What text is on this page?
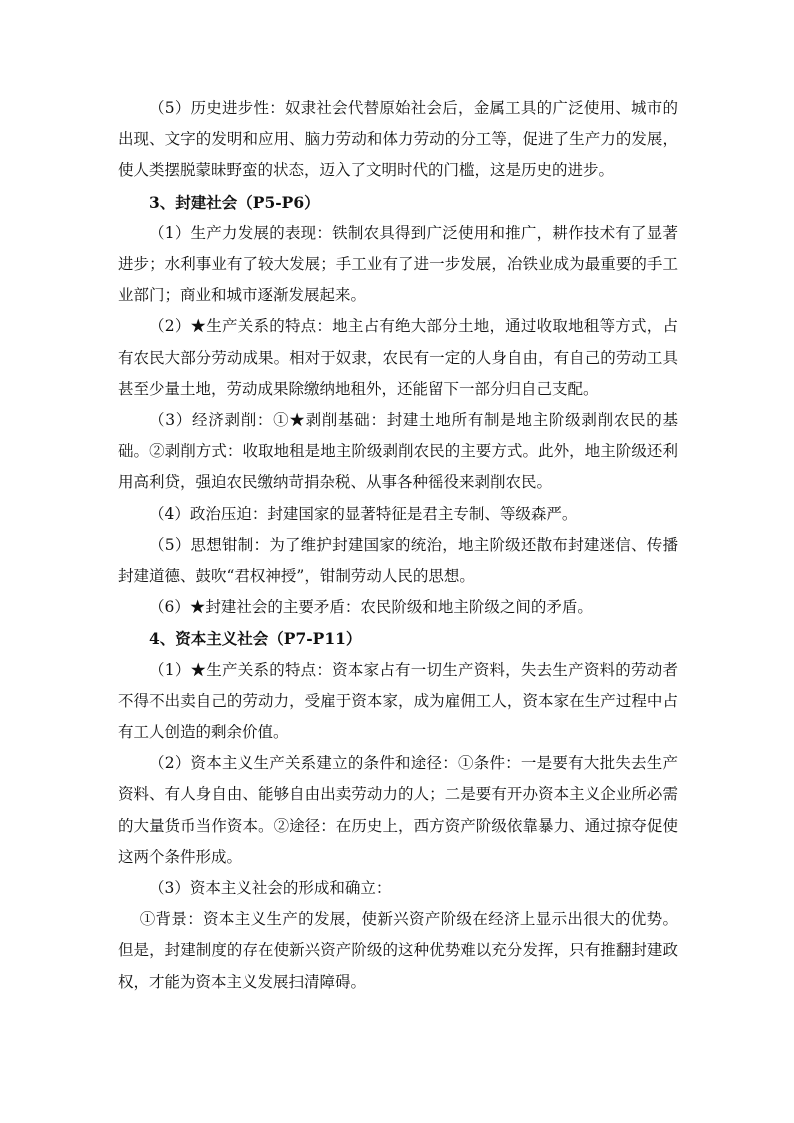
（5）历史进步性：奴隶社会代替原始社会后，金属工具的广泛使用、城市的出现、文字的发明和应用、脑力劳动和体力劳动的分工等，促进了生产力的发展，使人类摆脱蒙昧野蛮的状态，迈入了文明时代的门槛，这是历史的进步。

3、封建社会（P5-P6）

（1）生产力发展的表现：铁制农具得到广泛使用和推广，耕作技术有了显著进步；水利事业有了较大发展；手工业有了进一步发展，冶铁业成为最重要的手工业部门；商业和城市逐渐发展起来。

（2）★生产关系的特点：地主占有绝大部分土地，通过收取地租等方式，占有农民大部分劳动成果。相对于奴隶，农民有一定的人身自由，有自己的劳动工具甚至少量土地，劳动成果除缴纳地租外，还能留下一部分归自己支配。

（3）经济剥削：①★剥削基础：封建土地所有制是地主阶级剥削农民的基础。②剥削方式：收取地租是地主阶级剥削农民的主要方式。此外，地主阶级还利用高利贷，强迫农民缴纳苛捐杂税、从事各种徭役来剥削农民。

（4）政治压迫：封建国家的显著特征是君主专制、等级森严。

（5）思想钳制：为了维护封建国家的统治，地主阶级还散布封建迷信、传播封建道德、鼓吹“君权神授”，钳制劳动人民的思想。

（6）★封建社会的主要矛盾：农民阶级和地主阶级之间的矛盾。

4、资本主义社会（P7-P11）

（1）★生产关系的特点：资本家占有一切生产资料，失去生产资料的劳动者不得不出卖自己的劳动力，受雇于资本家，成为雇佣工人，资本家在生产过程中占有工人创造的剩余价值。

（2）资本主义生产关系建立的条件和途径：①条件：一是要有大批失去生产资料、有人身自由、能够自由出卖劳动力的人；二是要有开办资本主义企业所必需的大量货币当作资本。②途径：在历史上，西方资产阶级依靠暴力、通过掠夺促使这两个条件形成。

（3）资本主义社会的形成和确立：

①背景：资本主义生产的发展，使新兴资产阶级在经济上显示出很大的优势。但是，封建制度的存在使新兴资产阶级的这种优势难以充分发挥，只有推翻封建政权，才能为资本主义发展扫清障碍。
